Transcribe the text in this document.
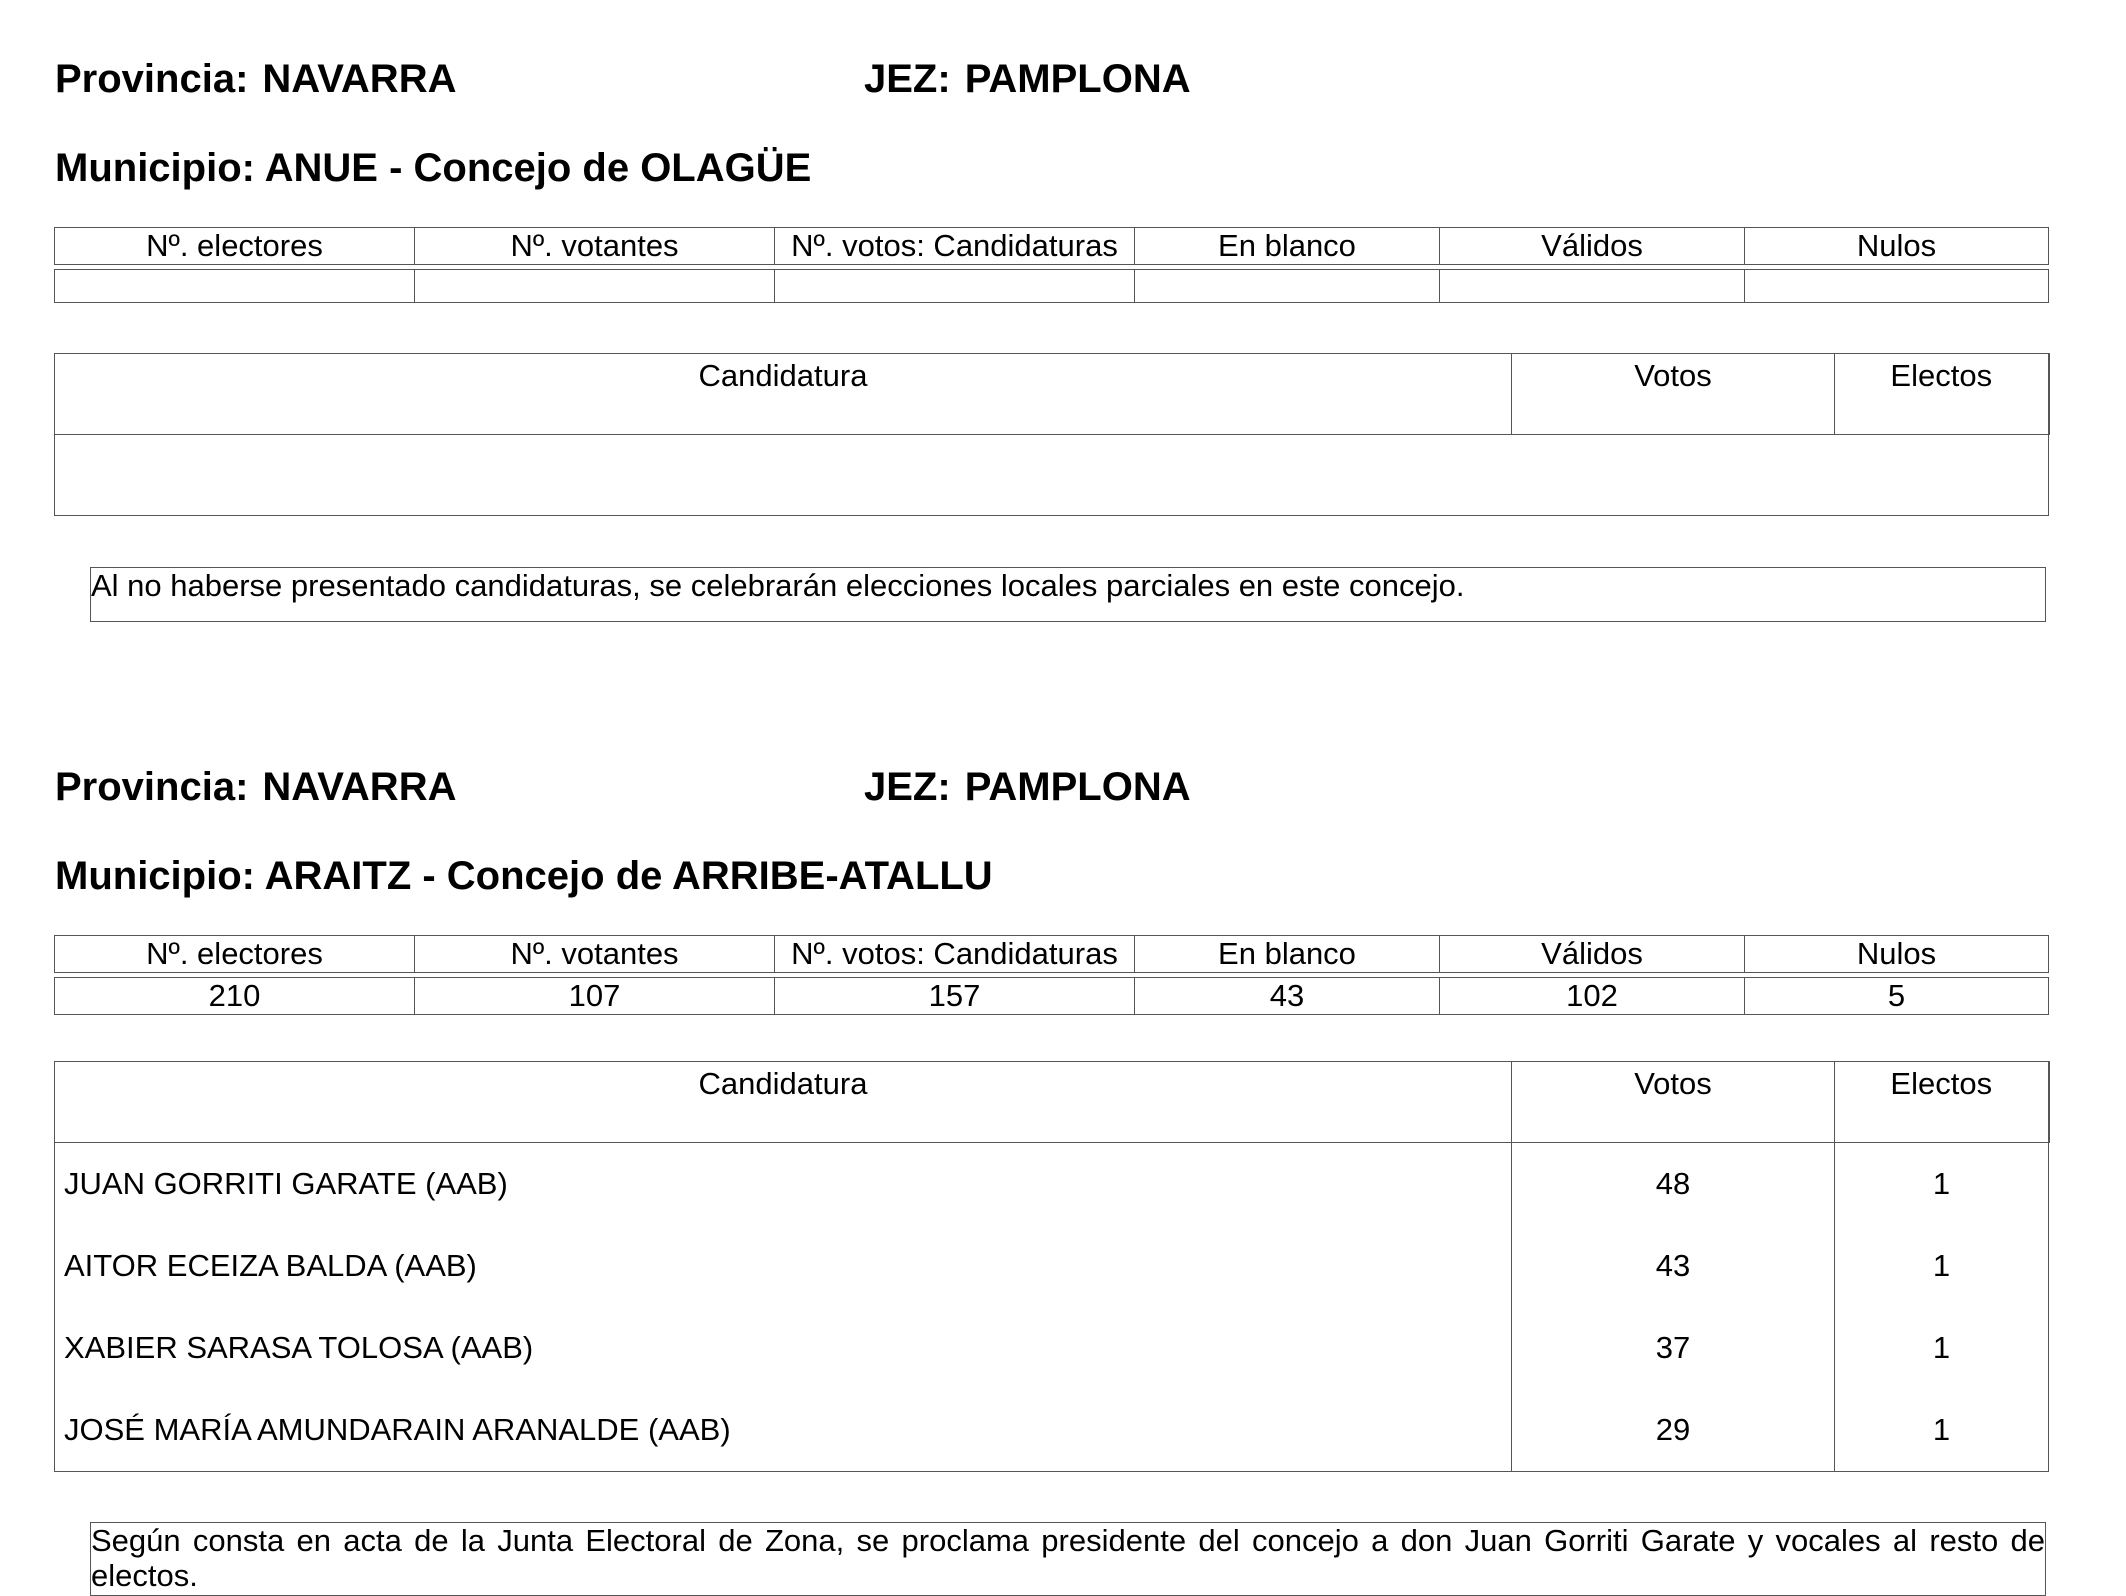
Provincia: NAVARRA	JEZ: PAMPLONA
Municipio: ANUE - Concejo de OLAGÜE
Nº. electores	Nº. votantes	Nº. votos: Candidaturas	En blanco	Válidos	Nulos

Candidatura	Votos	Electos

Al no haberse presentado candidaturas, se celebrarán elecciones locales parciales en este concejo.
Provincia: NAVARRA	JEZ: PAMPLONA
Municipio: ARAITZ - Concejo de ARRIBE-ATALLU
Nº. electores	Nº. votantes	Nº. votos: Candidaturas	En blanco	Válidos	Nulos

210	107	157	43	102	5
Candidatura	Votos	Electos
JUAN GORRITI GARATE (AAB)	48	1
AITOR ECEIZA BALDA (AAB)	43	1
XABIER SARASA TOLOSA (AAB)	37	1
JOSÉ MARÍA AMUNDARAIN ARANALDE (AAB)	29	1
Según consta en acta de la Junta Electoral de Zona, se proclama presidente del concejo a don Juan Gorriti Garate y vocales al resto de electos.
